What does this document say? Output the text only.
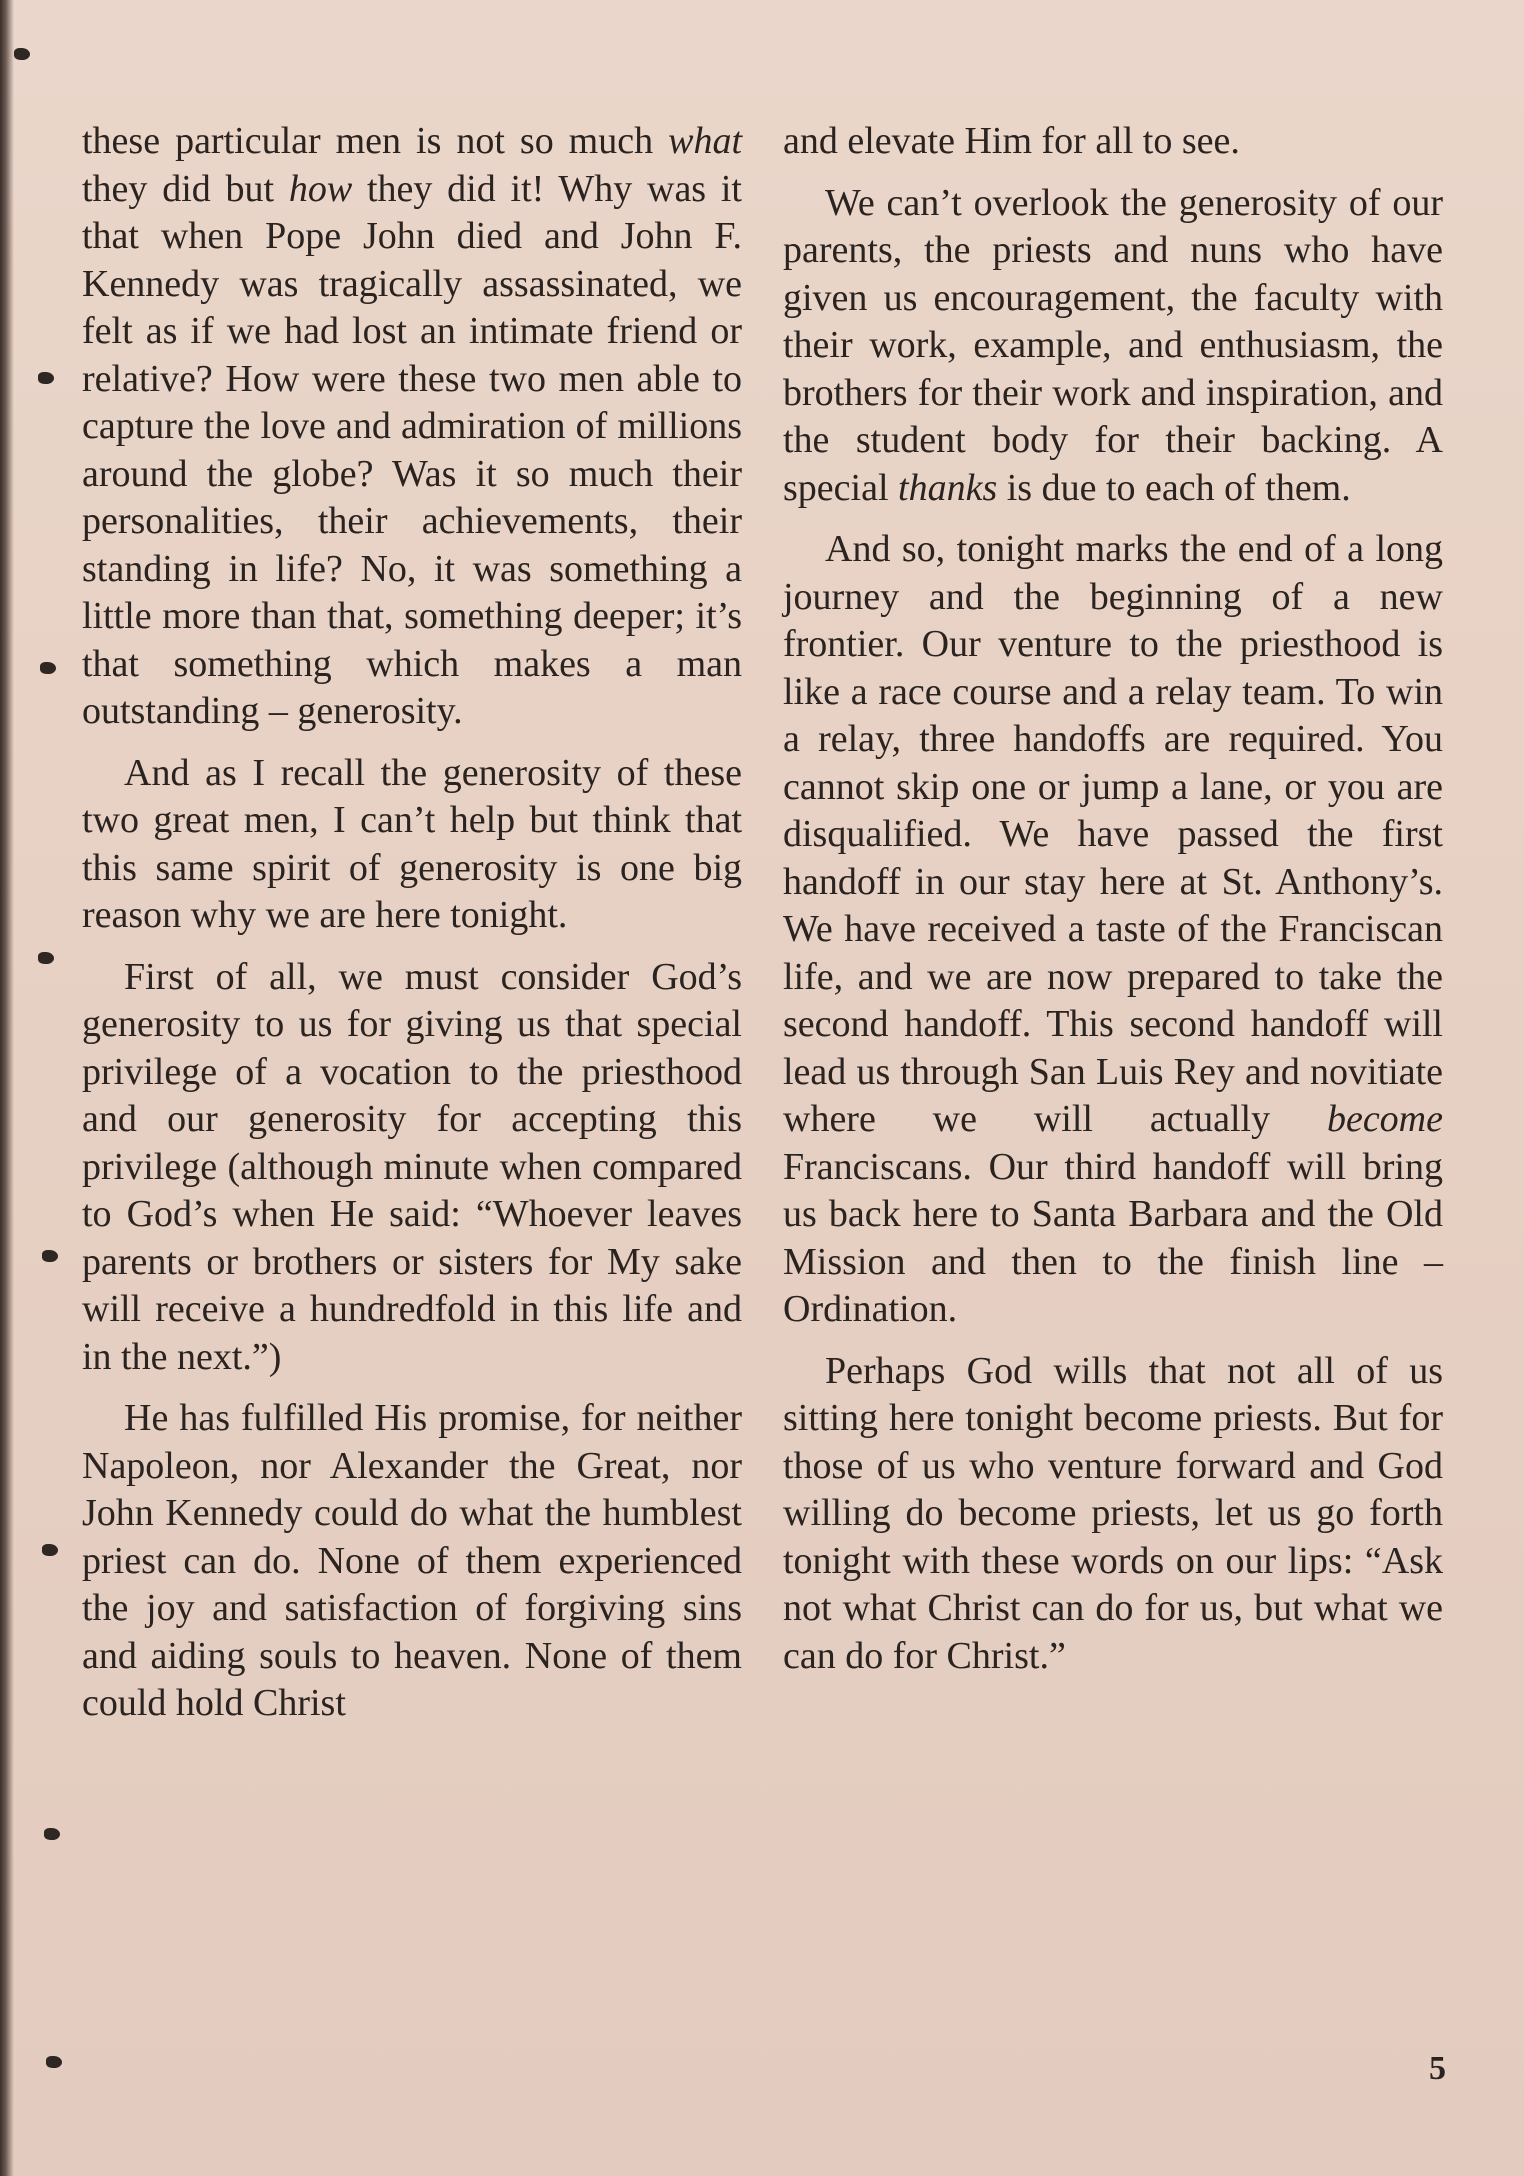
these particular men is not so much what they did but how they did it! Why was it that when Pope John died and John F. Kennedy was tragically assassinated, we felt as if we had lost an intimate friend or relative? How were these two men able to capture the love and admiration of millions around the globe? Was it so much their personalities, their achievements, their standing in life? No, it was something a little more than that, something deeper; it’s that something which makes a man outstanding – generosity.

And as I recall the generosity of these two great men, I can’t help but think that this same spirit of generosity is one big reason why we are here tonight.

First of all, we must consider God’s generosity to us for giving us that special privilege of a vocation to the priesthood and our generosity for accepting this privilege (although minute when compared to God’s when He said: “Whoever leaves parents or brothers or sisters for My sake will receive a hundredfold in this life and in the next.”)

He has fulfilled His promise, for neither Napoleon, nor Alexander the Great, nor John Kennedy could do what the humblest priest can do. None of them experienced the joy and satisfaction of forgiving sins and aiding souls to heaven. None of them could hold Christ

and elevate Him for all to see.

We can’t overlook the generosity of our parents, the priests and nuns who have given us encouragement, the faculty with their work, example, and enthusiasm, the brothers for their work and inspiration, and the student body for their backing. A special thanks is due to each of them.

And so, tonight marks the end of a long journey and the beginning of a new frontier. Our venture to the priesthood is like a race course and a relay team. To win a relay, three handoffs are required. You cannot skip one or jump a lane, or you are disqualified. We have passed the first handoff in our stay here at St. Anthony’s. We have received a taste of the Franciscan life, and we are now prepared to take the second handoff. This second handoff will lead us through San Luis Rey and novitiate where we will actually become Franciscans. Our third handoff will bring us back here to Santa Barbara and the Old Mission and then to the finish line – Ordination.

Perhaps God wills that not all of us sitting here tonight become priests. But for those of us who venture forward and God willing do become priests, let us go forth tonight with these words on our lips: “Ask not what Christ can do for us, but what we can do for Christ.”

5
